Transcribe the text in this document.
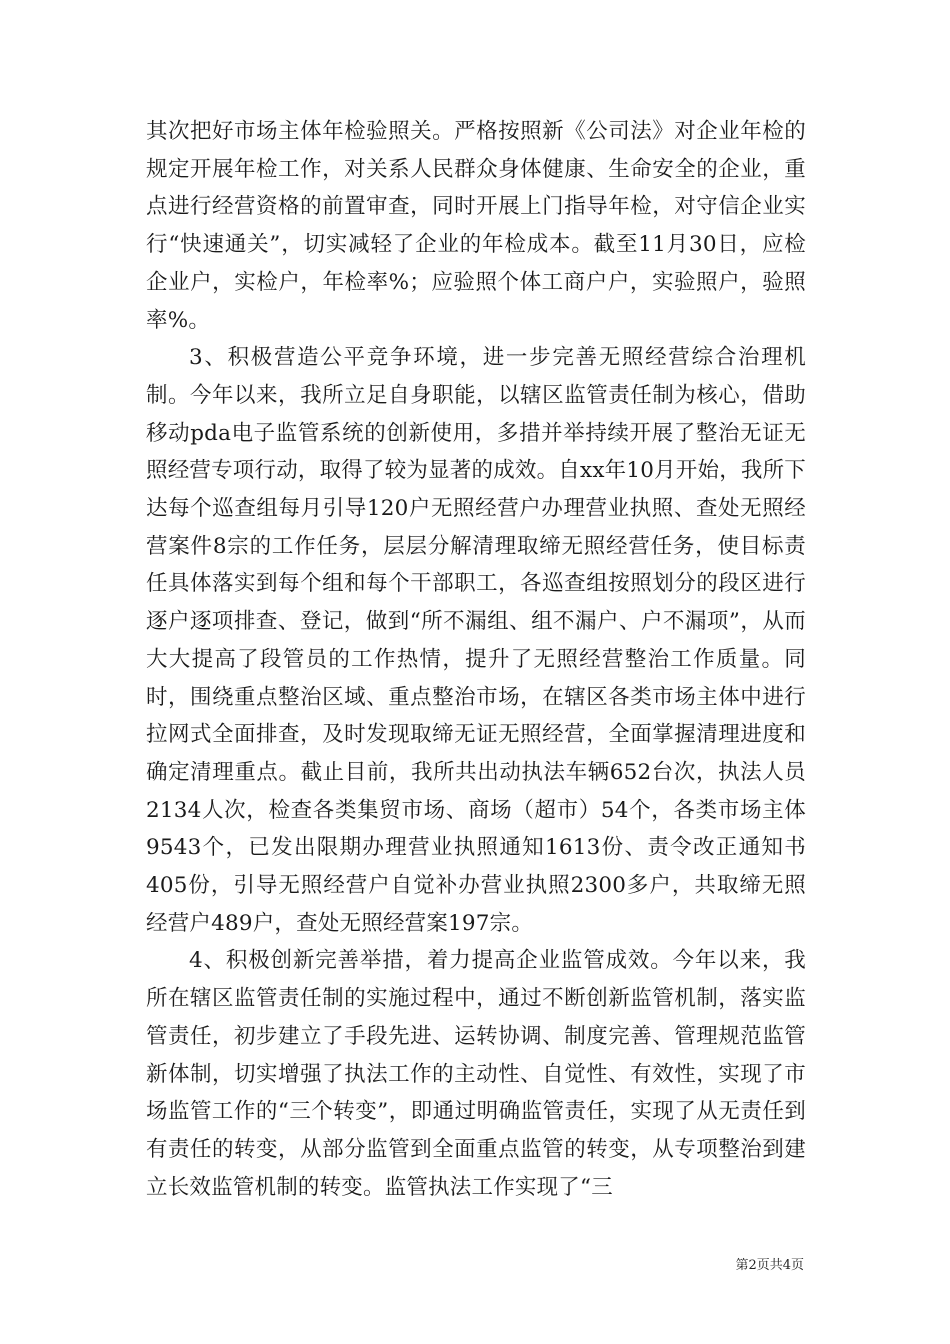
其次把好市场主体年检验照关。严格按照新《公司法》对企业年检的规定开展年检工作，对关系人民群众身体健康、生命安全的企业，重点进行经营资格的前置审查，同时开展上门指导年检，对守信企业实行“快速通关”，切实减轻了企业的年检成本。截至11月30日，应检企业户，实检户，年检率%；应验照个体工商户户，实验照户，验照率%。

3、积极营造公平竞争环境，进一步完善无照经营综合治理机制。今年以来，我所立足自身职能，以辖区监管责任制为核心，借助移动pda电子监管系统的创新使用，多措并举持续开展了整治无证无照经营专项行动，取得了较为显著的成效。自xx年10月开始，我所下达每个巡查组每月引导120户无照经营户办理营业执照、查处无照经营案件8宗的工作任务，层层分解清理取缔无照经营任务，使目标责任具体落实到每个组和每个干部职工，各巡查组按照划分的段区进行逐户逐项排查、登记，做到“所不漏组、组不漏户、户不漏项”，从而大大提高了段管员的工作热情，提升了无照经营整治工作质量。同时，围绕重点整治区域、重点整治市场，在辖区各类市场主体中进行拉网式全面排查，及时发现取缔无证无照经营，全面掌握清理进度和确定清理重点。截止目前，我所共出动执法车辆652台次，执法人员2134人次，检查各类集贸市场、商场（超市）54个，各类市场主体9543个，已发出限期办理营业执照通知1613份、责令改正通知书405份，引导无照经营户自觉补办营业执照2300多户，共取缔无照经营户489户，查处无照经营案197宗。

4、积极创新完善举措，着力提高企业监管成效。今年以来，我所在辖区监管责任制的实施过程中，通过不断创新监管机制，落实监管责任，初步建立了手段先进、运转协调、制度完善、管理规范监管新体制，切实增强了执法工作的主动性、自觉性、有效性，实现了市场监管工作的“三个转变”，即通过明确监管责任，实现了从无责任到有责任的转变，从部分监管到全面重点监管的转变，从专项整治到建立长效监管机制的转变。监管执法工作实现了“三

第2页共4页
